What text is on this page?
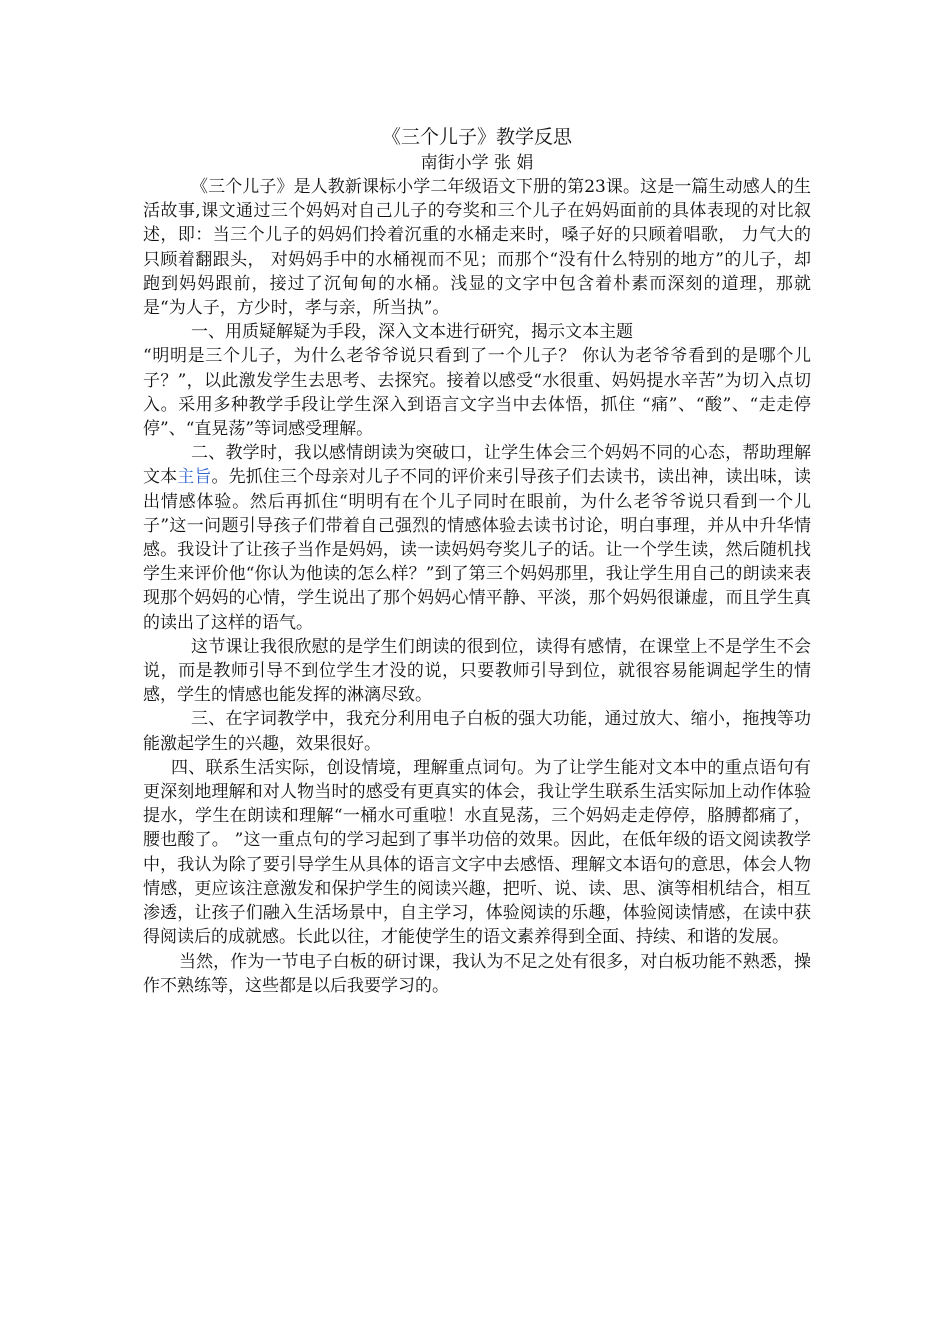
《三个儿子》教学反思

南街小学 张 娟

《三个儿子》是人教新课标小学二年级语文下册的第23课。这是一篇生动感人的生活故事,课文通过三个妈妈对自己儿子的夸奖和三个儿子在妈妈面前的具体表现的对比叙述，即：当三个儿子的妈妈们拎着沉重的水桶走来时，嗓子好的只顾着唱歌， 力气大的只顾着翻跟头， 对妈妈手中的水桶视而不见；而那个“没有什么特别的地方”的儿子，却跑到妈妈跟前，接过了沉甸甸的水桶。浅显的文字中包含着朴素而深刻的道理，那就是“为人子，方少时，孝与亲，所当执”。

一、用质疑解疑为手段，深入文本进行研究，揭示文本主题

“明明是三个儿子，为什么老爷爷说只看到了一个儿子？ 你认为老爷爷看到的是哪个儿子？”，以此激发学生去思考、去探究。接着以感受“水很重、妈妈提水辛苦”为切入点切入。采用多种教学手段让学生深入到语言文字当中去体悟，抓住 “痛”、“酸”、“走走停停”、“直晃荡”等词感受理解。

二、教学时，我以感情朗读为突破口，让学生体会三个妈妈不同的心态，帮助理解文本主旨。先抓住三个母亲对儿子不同的评价来引导孩子们去读书，读出神，读出味，读出情感体验。然后再抓住“明明有在个儿子同时在眼前，为什么老爷爷说只看到一个儿子”这一问题引导孩子们带着自己强烈的情感体验去读书讨论，明白事理，并从中升华情感。我设计了让孩子当作是妈妈，读一读妈妈夸奖儿子的话。让一个学生读，然后随机找学生来评价他“你认为他读的怎么样？”到了第三个妈妈那里，我让学生用自己的朗读来表现那个妈妈的心情，学生说出了那个妈妈心情平静、平淡，那个妈妈很谦虚，而且学生真的读出了这样的语气。

这节课让我很欣慰的是学生们朗读的很到位，读得有感情，在课堂上不是学生不会说，而是教师引导不到位学生才没的说，只要教师引导到位，就很容易能调起学生的情感，学生的情感也能发挥的淋漓尽致。

三、在字词教学中，我充分利用电子白板的强大功能，通过放大、缩小，拖拽等功能激起学生的兴趣，效果很好。

四、联系生活实际，创设情境，理解重点词句。为了让学生能对文本中的重点语句有更深刻地理解和对人物当时的感受有更真实的体会，我让学生联系生活实际加上动作体验提水，学生在朗读和理解“一桶水可重啦！水直晃荡，三个妈妈走走停停，胳膊都痛了，腰也酸了。 ”这一重点句的学习起到了事半功倍的效果。因此，在低年级的语文阅读教学中，我认为除了要引导学生从具体的语言文字中去感悟、理解文本语句的意思，体会人物情感，更应该注意激发和保护学生的阅读兴趣，把听、说、读、思、演等相机结合，相互渗透，让孩子们融入生活场景中，自主学习，体验阅读的乐趣，体验阅读情感，在读中获得阅读后的成就感。长此以往，才能使学生的语文素养得到全面、持续、和谐的发展。

当然，作为一节电子白板的研讨课，我认为不足之处有很多，对白板功能不熟悉，操作不熟练等，这些都是以后我要学习的。
